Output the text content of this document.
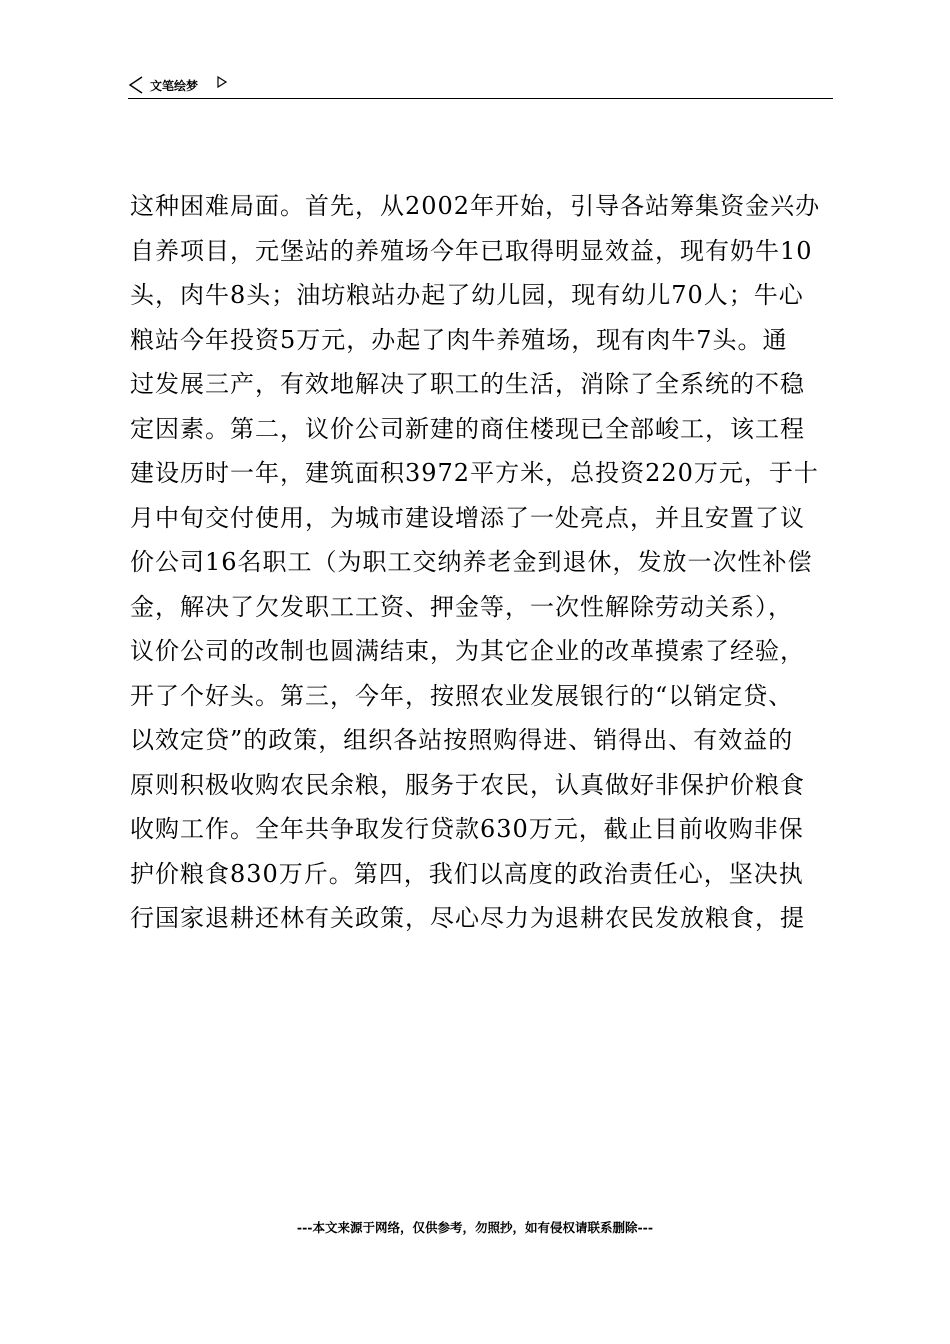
文笔绘梦
这种困难局面。首先，从2002年开始，引导各站筹集资金兴办
自养项目，元堡站的养殖场今年已取得明显效益，现有奶牛10
头，肉牛8头；油坊粮站办起了幼儿园，现有幼儿70人；牛心
粮站今年投资5万元，办起了肉牛养殖场，现有肉牛7头。通
过发展三产，有效地解决了职工的生活，消除了全系统的不稳
定因素。第二，议价公司新建的商住楼现已全部峻工，该工程
建设历时一年，建筑面积3972平方米，总投资220万元，于十
月中旬交付使用，为城市建设增添了一处亮点，并且安置了议
价公司16名职工（为职工交纳养老金到退休，发放一次性补偿
金，解决了欠发职工工资、押金等，一次性解除劳动关系），
议价公司的改制也圆满结束，为其它企业的改革摸索了经验，
开了个好头。第三，今年，按照农业发展银行的“以销定贷、
以效定贷”的政策，组织各站按照购得进、销得出、有效益的
原则积极收购农民余粮，服务于农民，认真做好非保护价粮食
收购工作。全年共争取发行贷款630万元，截止目前收购非保
护价粮食830万斤。第四，我们以高度的政治责任心，坚决执
行国家退耕还林有关政策，尽心尽力为退耕农民发放粮食，提
---本文来源于网络，仅供参考，勿照抄，如有侵权请联系删除---
